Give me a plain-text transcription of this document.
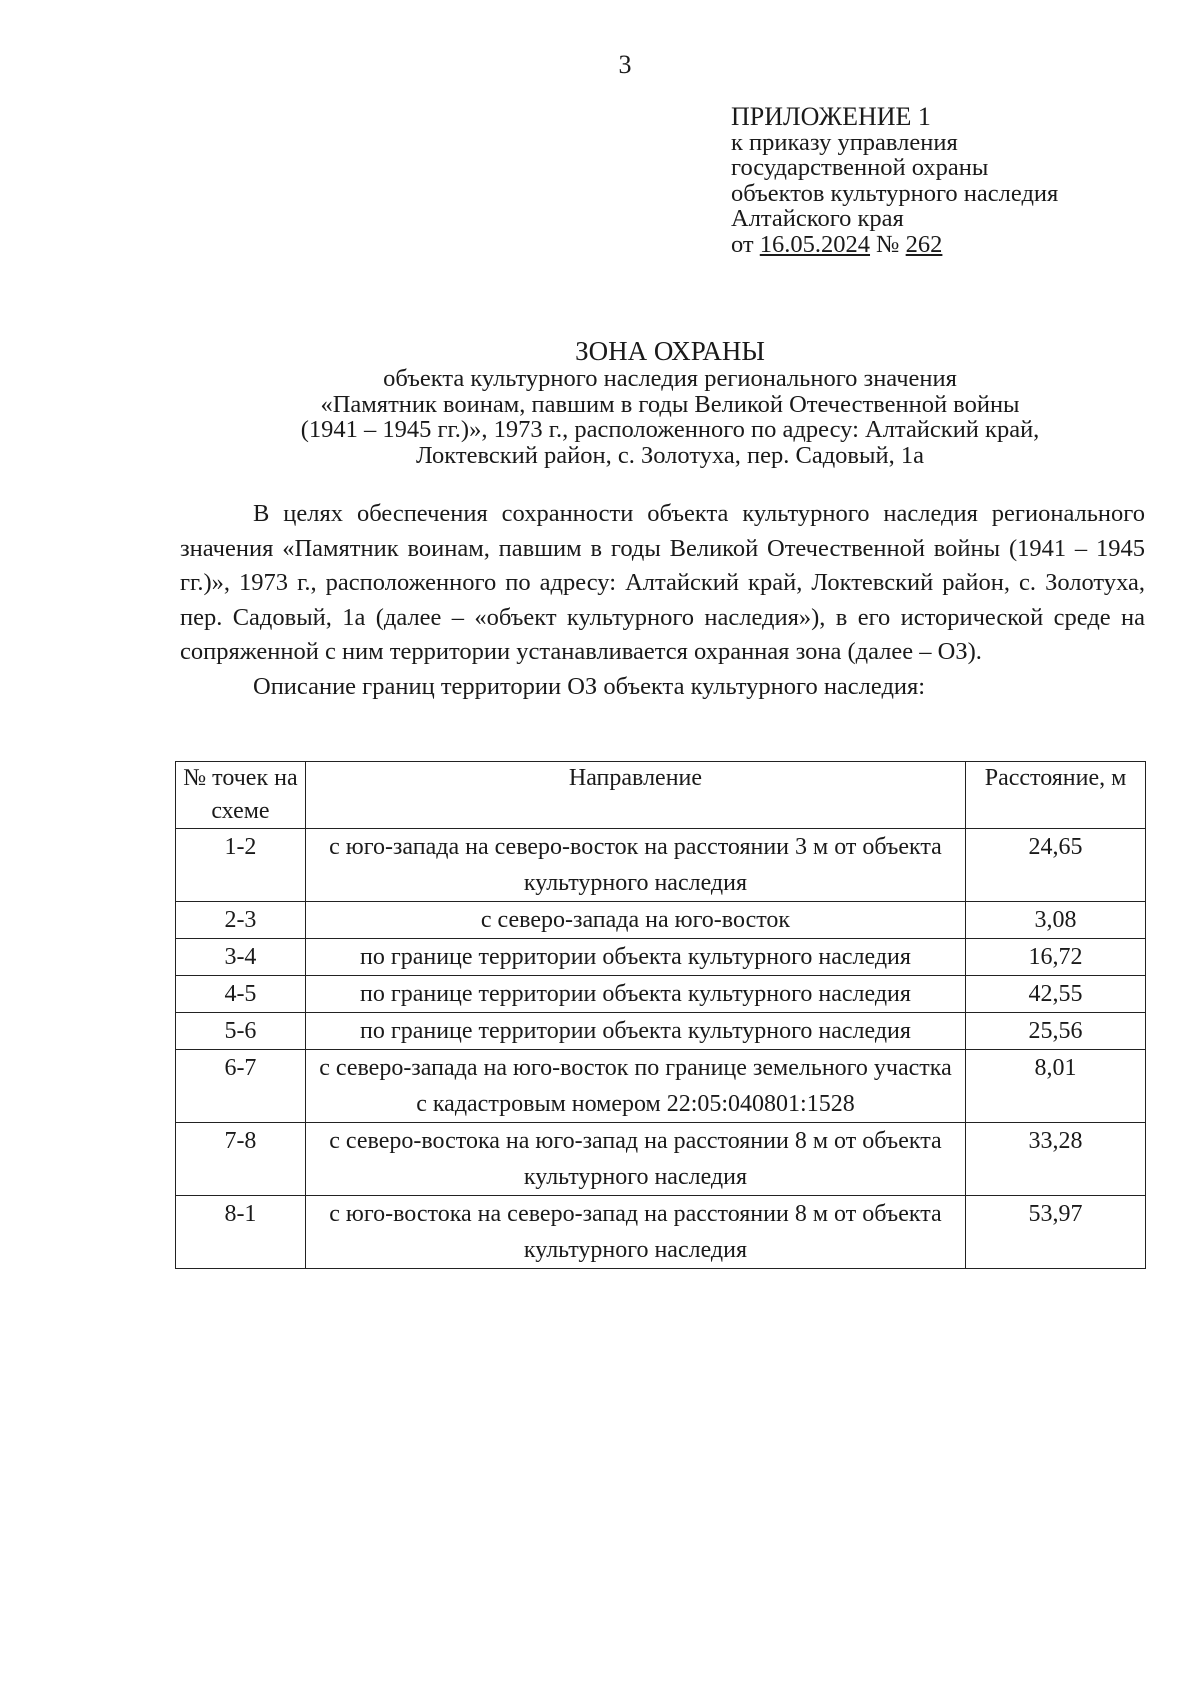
3
ПРИЛОЖЕНИЕ 1
к приказу управления
государственной охраны
объектов культурного наследия
Алтайского края
от 16.05.2024 № 262
ЗОНА ОХРАНЫ
объекта культурного наследия регионального значения
«Памятник воинам, павшим в годы Великой Отечественной войны
(1941 – 1945 гг.)», 1973 г., расположенного по адресу: Алтайский край,
Локтевский район, с. Золотуха, пер. Садовый, 1а

В целях обеспечения сохранности объекта культурного наследия регионального значения «Памятник воинам, павшим в годы Великой Отечественной войны (1941 – 1945 гг.)», 1973 г., расположенного по адресу: Алтайский край, Локтевский район, с. Золотуха, пер. Садовый, 1а (далее – «объект культурного наследия»), в его исторической среде на сопряженной с ним территории устанавливается охранная зона (далее – ОЗ).

Описание границ территории ОЗ объекта культурного наследия:

№ точек на схеме	Направление	Расстояние, м
1-2	с юго-запада на северо-восток на расстоянии 3 м от объекта культурного наследия	24,65
2-3	с северо-запада на юго-восток	3,08
3-4	по границе территории объекта культурного наследия	16,72
4-5	по границе территории объекта культурного наследия	42,55
5-6	по границе территории объекта культурного наследия	25,56
6-7	с северо-запада на юго-восток по границе земельного участка с кадастровым номером 22:05:040801:1528	8,01
7-8	с северо-востока на юго-запад на расстоянии 8 м от объекта культурного наследия	33,28
8-1	с юго-востока на северо-запад на расстоянии 8 м от объекта культурного наследия	53,97
